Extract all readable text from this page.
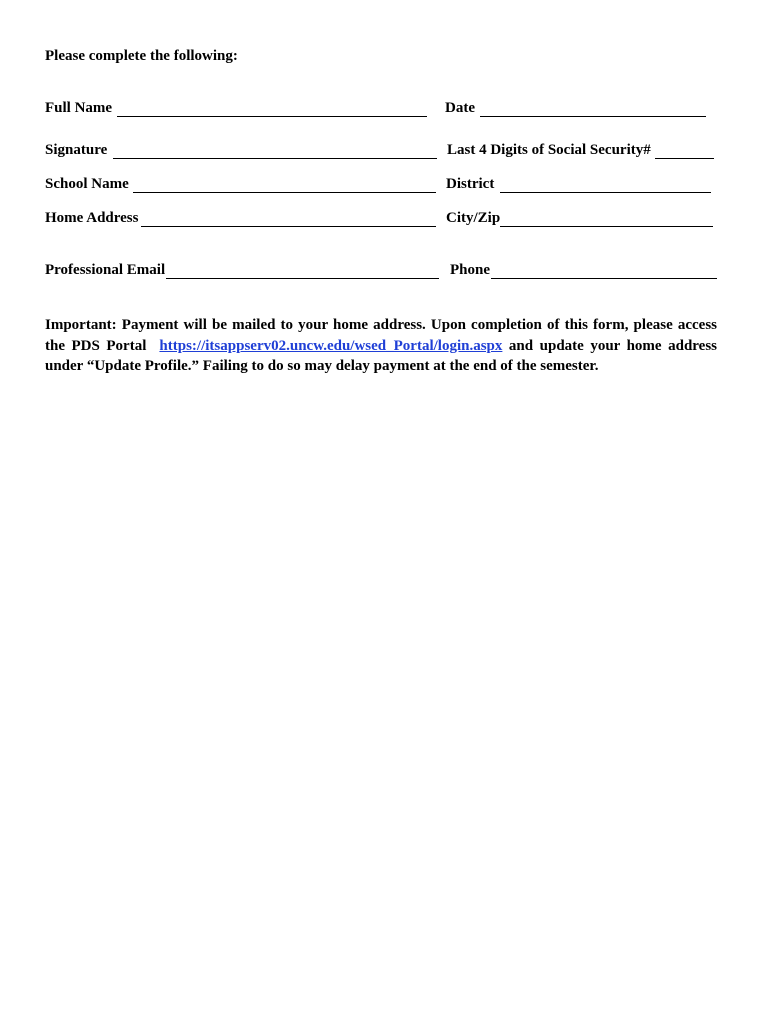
Please complete the following:
Full Name	Date
Signature	Last 4 Digits of Social Security#
School Name	District
Home Address	City/Zip
Professional Email	Phone

Important: Payment will be mailed to your home address. Upon completion of this form, please access the PDS Portal https://itsappserv02.uncw.edu/wsed_Portal/login.aspx and update your home address under “Update Profile.” Failing to do so may delay payment at the end of the semester.
